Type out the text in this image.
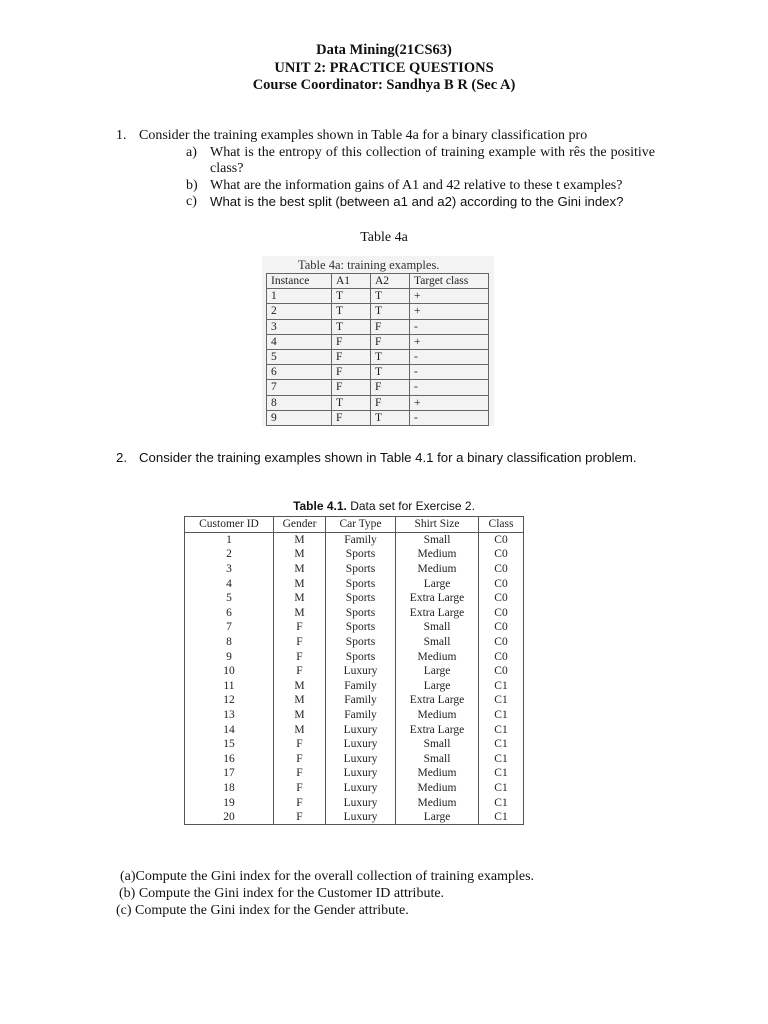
Data Mining(21CS63)
UNIT 2: PRACTICE QUESTIONS
Course Coordinator: Sandhya B R (Sec A)
1. Consider the training examples shown in Table 4a for a binary classification pro
a) What is the entropy of this collection of training example with rês the positive class?
b) What are the information gains of A1 and 42 relative to these t examples?
c) What is the best split (between a1 and a2) according to the Gini index?
Table 4a
Table 4a: training examples.
Instance	A1	A2	Target class
1	T	T	+
2	T	T	+
3	T	F	-
4	F	F	+
5	F	T	-
6	F	T	-
7	F	F	-
8	T	F	+
9	F	T	-
2. Consider the training examples shown in Table 4.1 for a binary classification problem.
Table 4.1. Data set for Exercise 2.
Customer ID	Gender	Car Type	Shirt Size	Class
1	M	Family	Small	C0
2	M	Sports	Medium	C0
3	M	Sports	Medium	C0
4	M	Sports	Large	C0
5	M	Sports	Extra Large	C0
6	M	Sports	Extra Large	C0
7	F	Sports	Small	C0
8	F	Sports	Small	C0
9	F	Sports	Medium	C0
10	F	Luxury	Large	C0
11	M	Family	Large	C1
12	M	Family	Extra Large	C1
13	M	Family	Medium	C1
14	M	Luxury	Extra Large	C1
15	F	Luxury	Small	C1
16	F	Luxury	Small	C1
17	F	Luxury	Medium	C1
18	F	Luxury	Medium	C1
19	F	Luxury	Medium	C1
20	F	Luxury	Large	C1
(a)Compute the Gini index for the overall collection of training examples.
(b) Compute the Gini index for the Customer ID attribute.
(c) Compute the Gini index for the Gender attribute.
